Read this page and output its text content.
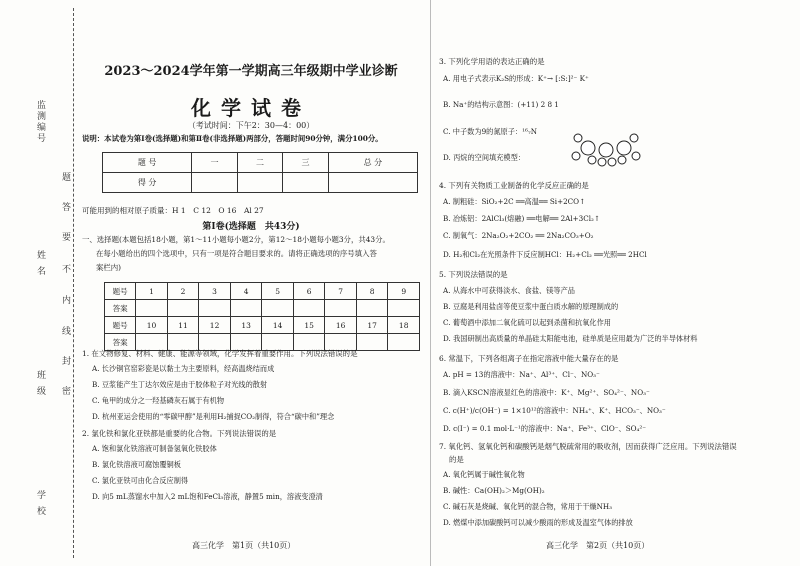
监测编号
姓 名
班 级
学 校
题
答
要
不
内
线
封
密
2023～2024学年第一学期高三年级期中学业诊断
化学试卷
（考试时间：下午2：30—4：00）
说明：本试卷为第Ⅰ卷(选择题)和第Ⅱ卷(非选择题)两部分，答题时间90分钟，满分100分。
题 号	一	二	三	总 分
得 分				
可能用到的相对原子质量：H 1　C 12　O 16　Al 27
第Ⅰ卷(选择题　共43分)
一、选择题(本题包括18小题，第1～11小题每小题2分，第12～18小题每小题3分，共43分。
在每小题给出的四个选项中，只有一项是符合题目要求的。请将正确选项的序号填入答
案栏内)
题号	1	2	3	4	5	6	7	8	9
答案									
题号	10	11	12	13	14	15	16	17	18
答案									
1. 在文物修复、材料、健康、能源等领域，化学发挥着重要作用。下列说法错误的是
A. 长沙铜官窑彩瓷是以黏土为主要原料，经高温烧结而成
B. 豆浆能产生丁达尔效应是由于胶体粒子对光线的散射
C. 龟甲的成分之一羟基磷灰石属于有机物
D. 杭州亚运会使用的“零碳甲醇”是利用H₂捕捉CO₂制得，符合“碳中和”理念
2. 氯化铁和氯化亚铁都是重要的化合物。下列说法错误的是
A. 饱和氯化铁溶液可制备氢氧化铁胶体
B. 氯化铁溶液可腐蚀覆铜板
C. 氯化亚铁可由化合反应制得
D. 向5 mL蒸馏水中加入2 mL饱和FeCl₃溶液，静置5 min，溶液变澄清
高三化学　第1页（共10页）
3. 下列化学用语的表达正确的是
A. 用电子式表示K₂S的形成：K⁺→ [:S:]²⁻ K⁺
B. Na⁺的结构示意图：(+11) 2 8 1
C. 中子数为9的氮原子：¹⁶₇N
D. 丙烷的空间填充模型：
4. 下列有关物质工业制备的化学反应正确的是
A. 制粗硅：SiO₂+2C ══高温══ Si+2CO↑
B. 冶炼铝：2AlCl₃(熔融) ══电解══ 2Al+3Cl₂↑
C. 制氧气：2Na₂O₂+2CO₂ ══ 2Na₂CO₃+O₂
D. H₂和Cl₂在光照条件下反应制HCl：H₂+Cl₂ ══光照══ 2HCl
5. 下列说法错误的是
A. 从海水中可获得淡水、食盐、镁等产品
B. 豆腐是利用盐卤等使豆浆中蛋白质水解的原理制成的
C. 葡萄酒中添加二氧化硫可以起到杀菌和抗氧化作用
D. 我国研制出高质量的单晶硅太阳能电池，硅单质是应用最为广泛的半导体材料
6. 常温下，下列各组离子在指定溶液中能大量存在的是
A. pH = 13的溶液中：Na⁺、Al³⁺、Cl⁻、NO₃⁻
B. 滴入KSCN溶液显红色的溶液中：K⁺、Mg²⁺、SO₄²⁻、NO₃⁻
C. c(H⁺)/c(OH⁻) = 1×10¹²的溶液中：NH₄⁺、K⁺、HCO₃⁻、NO₃⁻
D. c(I⁻) = 0.1 mol·L⁻¹的溶液中：Na⁺、Fe³⁺、ClO⁻、SO₄²⁻
7. 氧化钙、氢氧化钙和碳酸钙是烟气脱硫常用的吸收剂，因而获得广泛应用。下列说法错误
的是
A. 氧化钙属于碱性氧化物
B. 碱性：Ca(OH)₂＞Mg(OH)₂
C. 碱石灰是烧碱、氧化钙的混合物，常用于干燥NH₃
D. 燃煤中添加碳酸钙可以减少酸雨的形成及温室气体的排放
高三化学　第2页（共10页）
